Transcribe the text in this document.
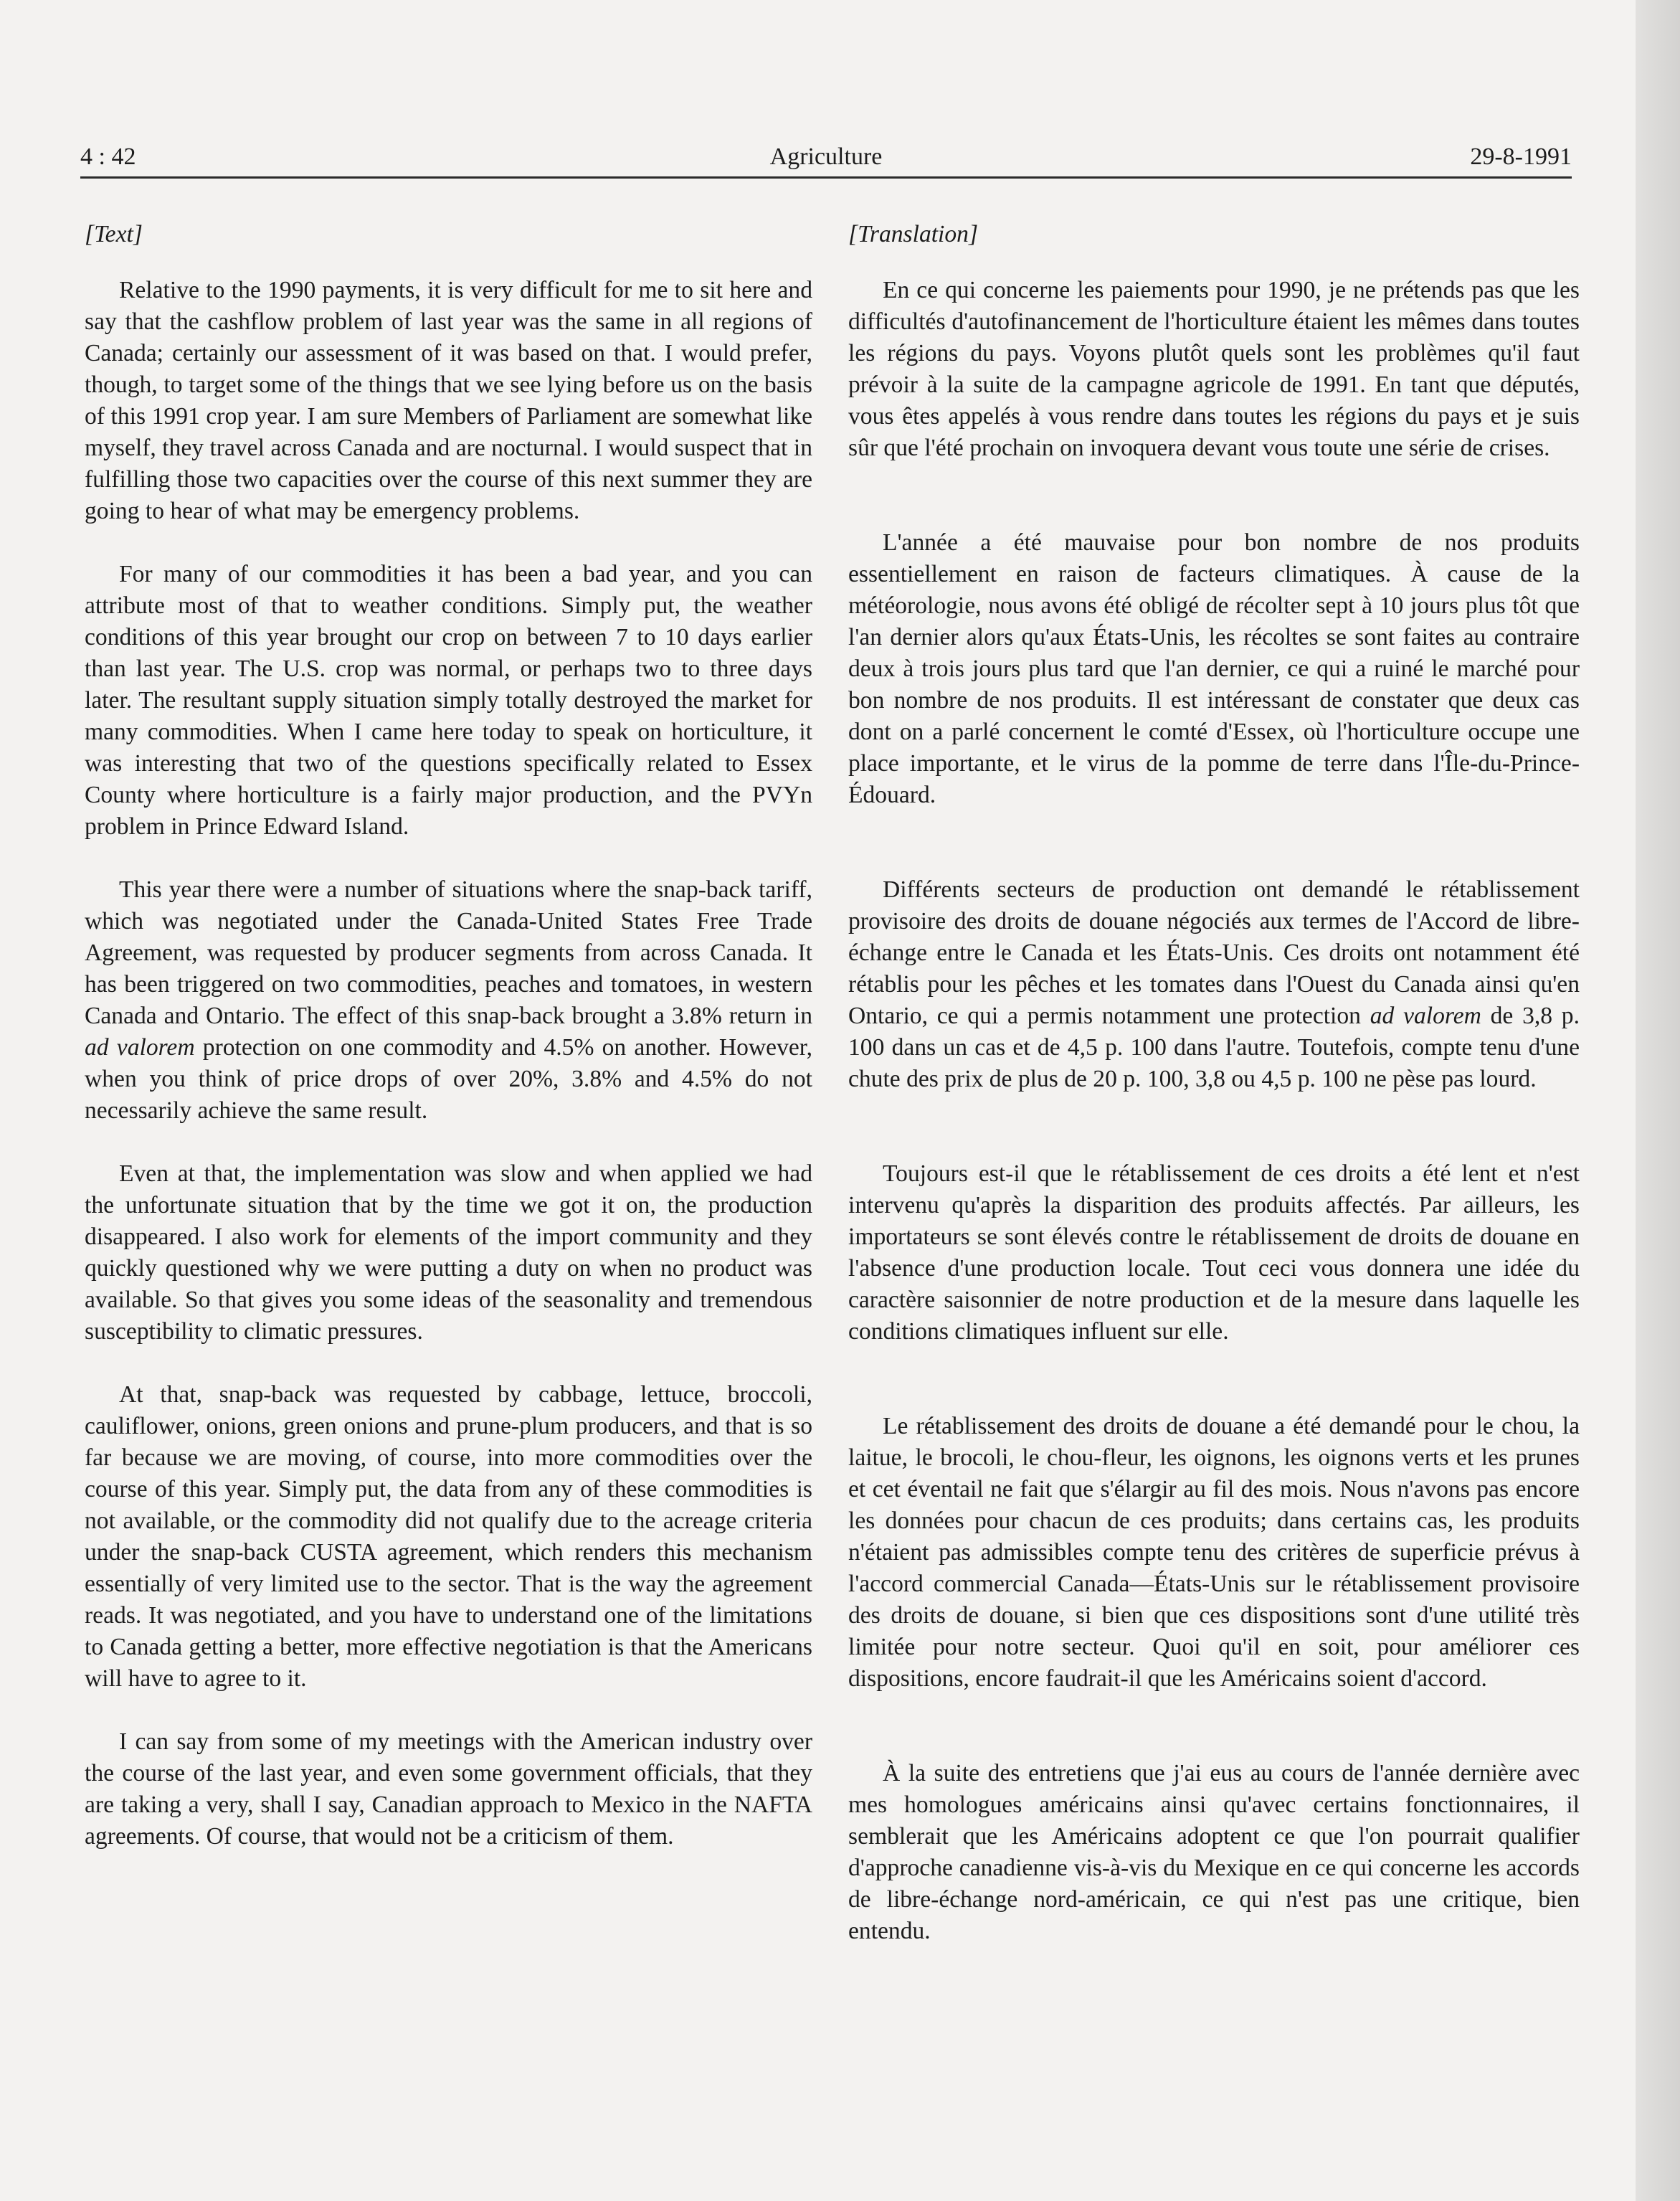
4 : 42	Agriculture	29-8-1991
[Text]

Relative to the 1990 payments, it is very difficult for me to sit here and say that the cashflow problem of last year was the same in all regions of Canada; certainly our assessment of it was based on that. I would prefer, though, to target some of the things that we see lying before us on the basis of this 1991 crop year. I am sure Members of Parliament are somewhat like myself, they travel across Canada and are nocturnal. I would suspect that in fulfilling those two capacities over the course of this next summer they are going to hear of what may be emergency problems.

For many of our commodities it has been a bad year, and you can attribute most of that to weather conditions. Simply put, the weather conditions of this year brought our crop on between 7 to 10 days earlier than last year. The U.S. crop was normal, or perhaps two to three days later. The resultant supply situation simply totally destroyed the market for many commodities. When I came here today to speak on horticulture, it was interesting that two of the questions specifically related to Essex County where horticulture is a fairly major production, and the PVYn problem in Prince Edward Island.

This year there were a number of situations where the snap-back tariff, which was negotiated under the Canada-United States Free Trade Agreement, was requested by producer segments from across Canada. It has been triggered on two commodities, peaches and tomatoes, in western Canada and Ontario. The effect of this snap-back brought a 3.8% return in ad valorem protection on one commodity and 4.5% on another. However, when you think of price drops of over 20%, 3.8% and 4.5% do not necessarily achieve the same result.

Even at that, the implementation was slow and when applied we had the unfortunate situation that by the time we got it on, the production disappeared. I also work for elements of the import community and they quickly questioned why we were putting a duty on when no product was available. So that gives you some ideas of the seasonality and tremendous susceptibility to climatic pressures.

At that, snap-back was requested by cabbage, lettuce, broccoli, cauliflower, onions, green onions and prune-plum producers, and that is so far because we are moving, of course, into more commodities over the course of this year. Simply put, the data from any of these commodities is not available, or the commodity did not qualify due to the acreage criteria under the snap-back CUSTA agreement, which renders this mechanism essentially of very limited use to the sector. That is the way the agreement reads. It was negotiated, and you have to understand one of the limitations to Canada getting a better, more effective negotiation is that the Americans will have to agree to it.

I can say from some of my meetings with the American industry over the course of the last year, and even some government officials, that they are taking a very, shall I say, Canadian approach to Mexico in the NAFTA agreements. Of course, that would not be a criticism of them.

[Translation]

En ce qui concerne les paiements pour 1990, je ne prétends pas que les difficultés d'autofinancement de l'horticulture étaient les mêmes dans toutes les régions du pays. Voyons plutôt quels sont les problèmes qu'il faut prévoir à la suite de la campagne agricole de 1991. En tant que députés, vous êtes appelés à vous rendre dans toutes les régions du pays et je suis sûr que l'été prochain on invoquera devant vous toute une série de crises.

L'année a été mauvaise pour bon nombre de nos produits essentiellement en raison de facteurs climatiques. À cause de la météorologie, nous avons été obligé de récolter sept à 10 jours plus tôt que l'an dernier alors qu'aux États-Unis, les récoltes se sont faites au contraire deux à trois jours plus tard que l'an dernier, ce qui a ruiné le marché pour bon nombre de nos produits. Il est intéressant de constater que deux cas dont on a parlé concernent le comté d'Essex, où l'horticulture occupe une place importante, et le virus de la pomme de terre dans l'Île-du-Prince-Édouard.

Différents secteurs de production ont demandé le rétablissement provisoire des droits de douane négociés aux termes de l'Accord de libre-échange entre le Canada et les États-Unis. Ces droits ont notamment été rétablis pour les pêches et les tomates dans l'Ouest du Canada ainsi qu'en Ontario, ce qui a permis notamment une protection ad valorem de 3,8 p. 100 dans un cas et de 4,5 p. 100 dans l'autre. Toutefois, compte tenu d'une chute des prix de plus de 20 p. 100, 3,8 ou 4,5 p. 100 ne pèse pas lourd.

Toujours est-il que le rétablissement de ces droits a été lent et n'est intervenu qu'après la disparition des produits affectés. Par ailleurs, les importateurs se sont élevés contre le rétablissement de droits de douane en l'absence d'une production locale. Tout ceci vous donnera une idée du caractère saisonnier de notre production et de la mesure dans laquelle les conditions climatiques influent sur elle.

Le rétablissement des droits de douane a été demandé pour le chou, la laitue, le brocoli, le chou-fleur, les oignons, les oignons verts et les prunes et cet éventail ne fait que s'élargir au fil des mois. Nous n'avons pas encore les données pour chacun de ces produits; dans certains cas, les produits n'étaient pas admissibles compte tenu des critères de superficie prévus à l'accord commercial Canada—États-Unis sur le rétablissement provisoire des droits de douane, si bien que ces dispositions sont d'une utilité très limitée pour notre secteur. Quoi qu'il en soit, pour améliorer ces dispositions, encore faudrait-il que les Américains soient d'accord.

À la suite des entretiens que j'ai eus au cours de l'année dernière avec mes homologues américains ainsi qu'avec certains fonctionnaires, il semblerait que les Américains adoptent ce que l'on pourrait qualifier d'approche canadienne vis-à-vis du Mexique en ce qui concerne les accords de libre-échange nord-américain, ce qui n'est pas une critique, bien entendu.
